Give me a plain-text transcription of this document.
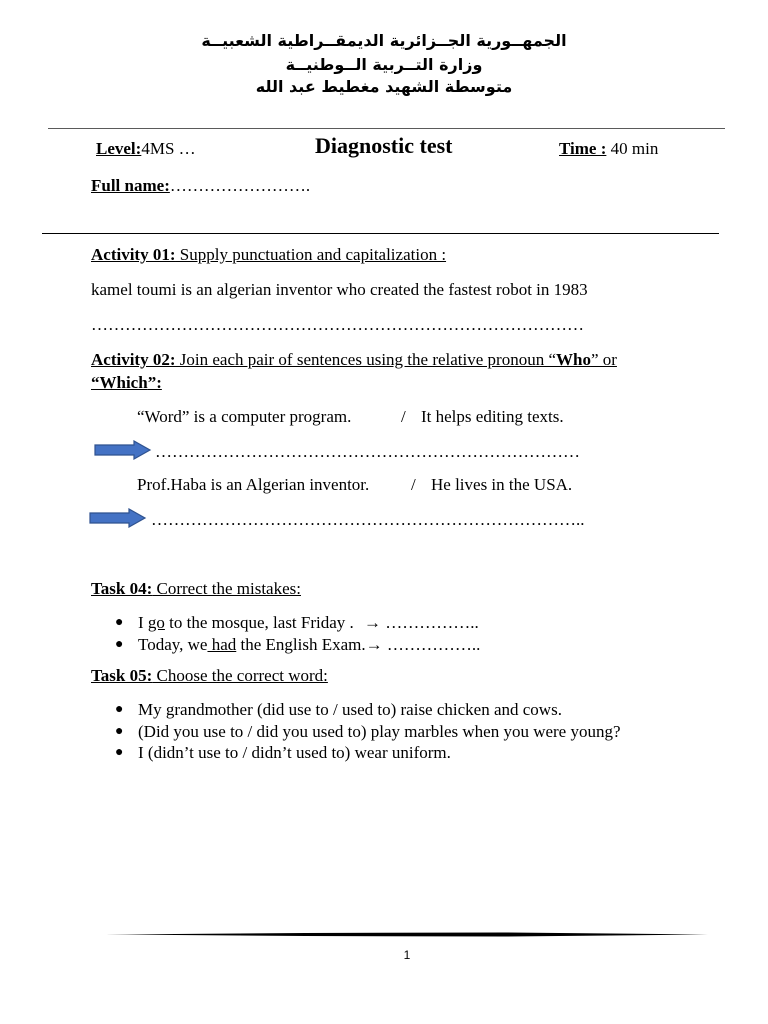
الجمهــورية الجــزائرية الديمقــراطية الشعبيــة
وزارة التــربية الــوطنيــة
متوسطة الشهيد مغطيط عبد الله
Level:4MS …	Diagnostic test	Time : 40 min
Full name:…………………….
Activity 01: Supply punctuation and capitalization :
kamel toumi is an algerian inventor who created the fastest robot in 1983
……………………………………………………………………………
Activity 02: Join each pair of sentences using the relative pronoun “Who” or
“Which”:
“Word” is a computer program.	/ It helps editing texts.
…………………………………………………………………
Prof.Haba is an Algerian inventor. / He lives in the USA.
…………………………………………………………………..
Task 04: Correct the mistakes:
● I go to the mosque, last Friday . → ……………..
● Today, we had the English Exam.→ ……………..
Task 05: Choose the correct word:
● My grandmother (did use to / used to) raise chicken and cows.
● (Did you use to / did you used to) play marbles when you were young?
● I (didn’t use to / didn’t used to) wear uniform.
1
